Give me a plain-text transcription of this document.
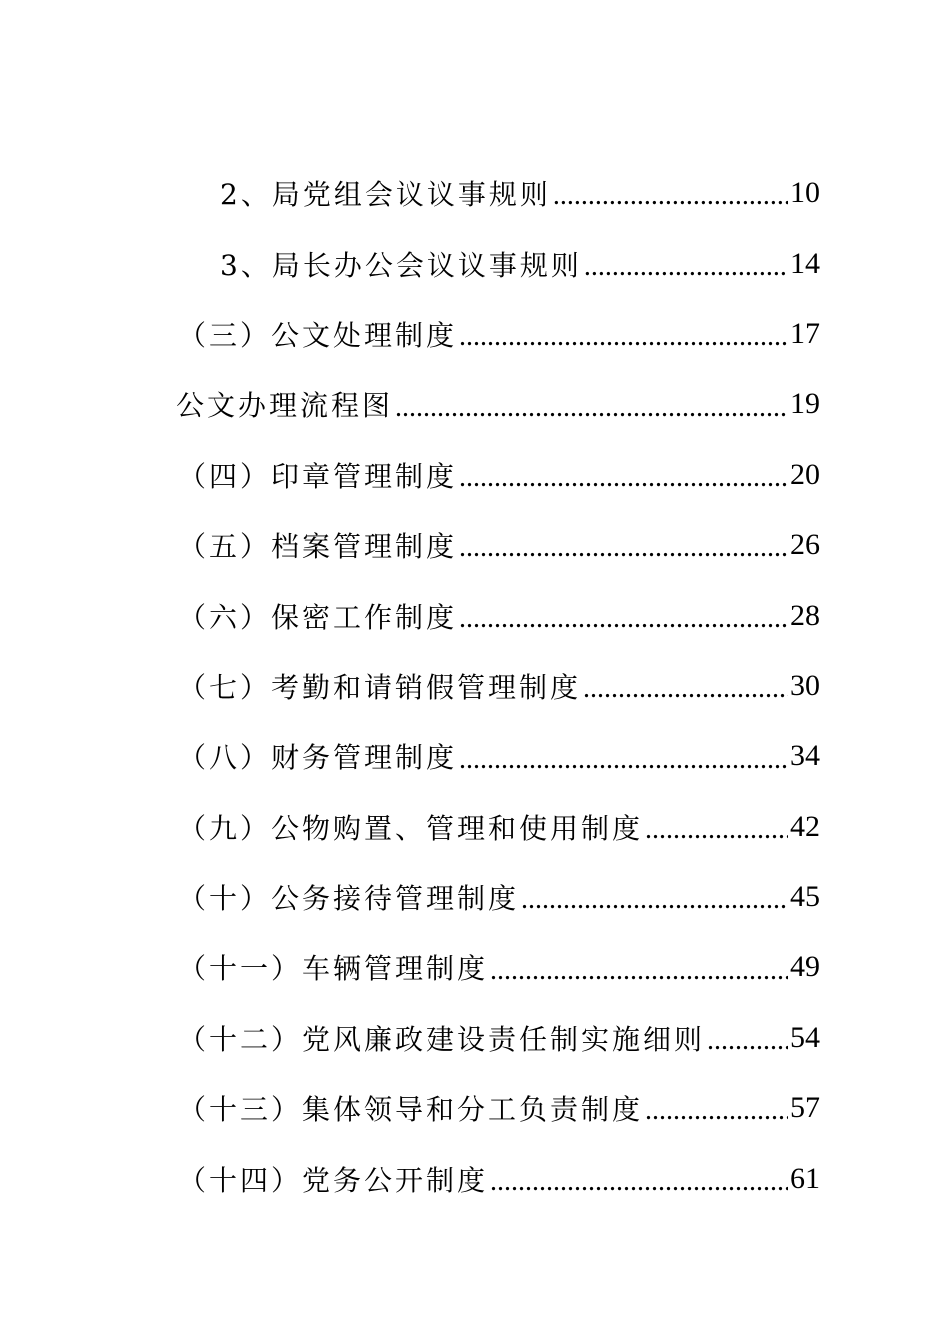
2、局党组会议议事规则 .....	10
3、局长办公会议议事规则 .....	14
（三）公文处理制度 .....	17
公文办理流程图 .....	19
（四）印章管理制度 .....	20
（五）档案管理制度 .....	26
（六）保密工作制度 .....	28
（七）考勤和请销假管理制度 .....	30
（八）财务管理制度 .....	34
（九）公物购置、管理和使用制度 .....	42
（十）公务接待管理制度 .....	45
（十一）车辆管理制度 .....	49
（十二）党风廉政建设责任制实施细则 .....	54
（十三）集体领导和分工负责制度 .....	57
（十四）党务公开制度 .....	61
